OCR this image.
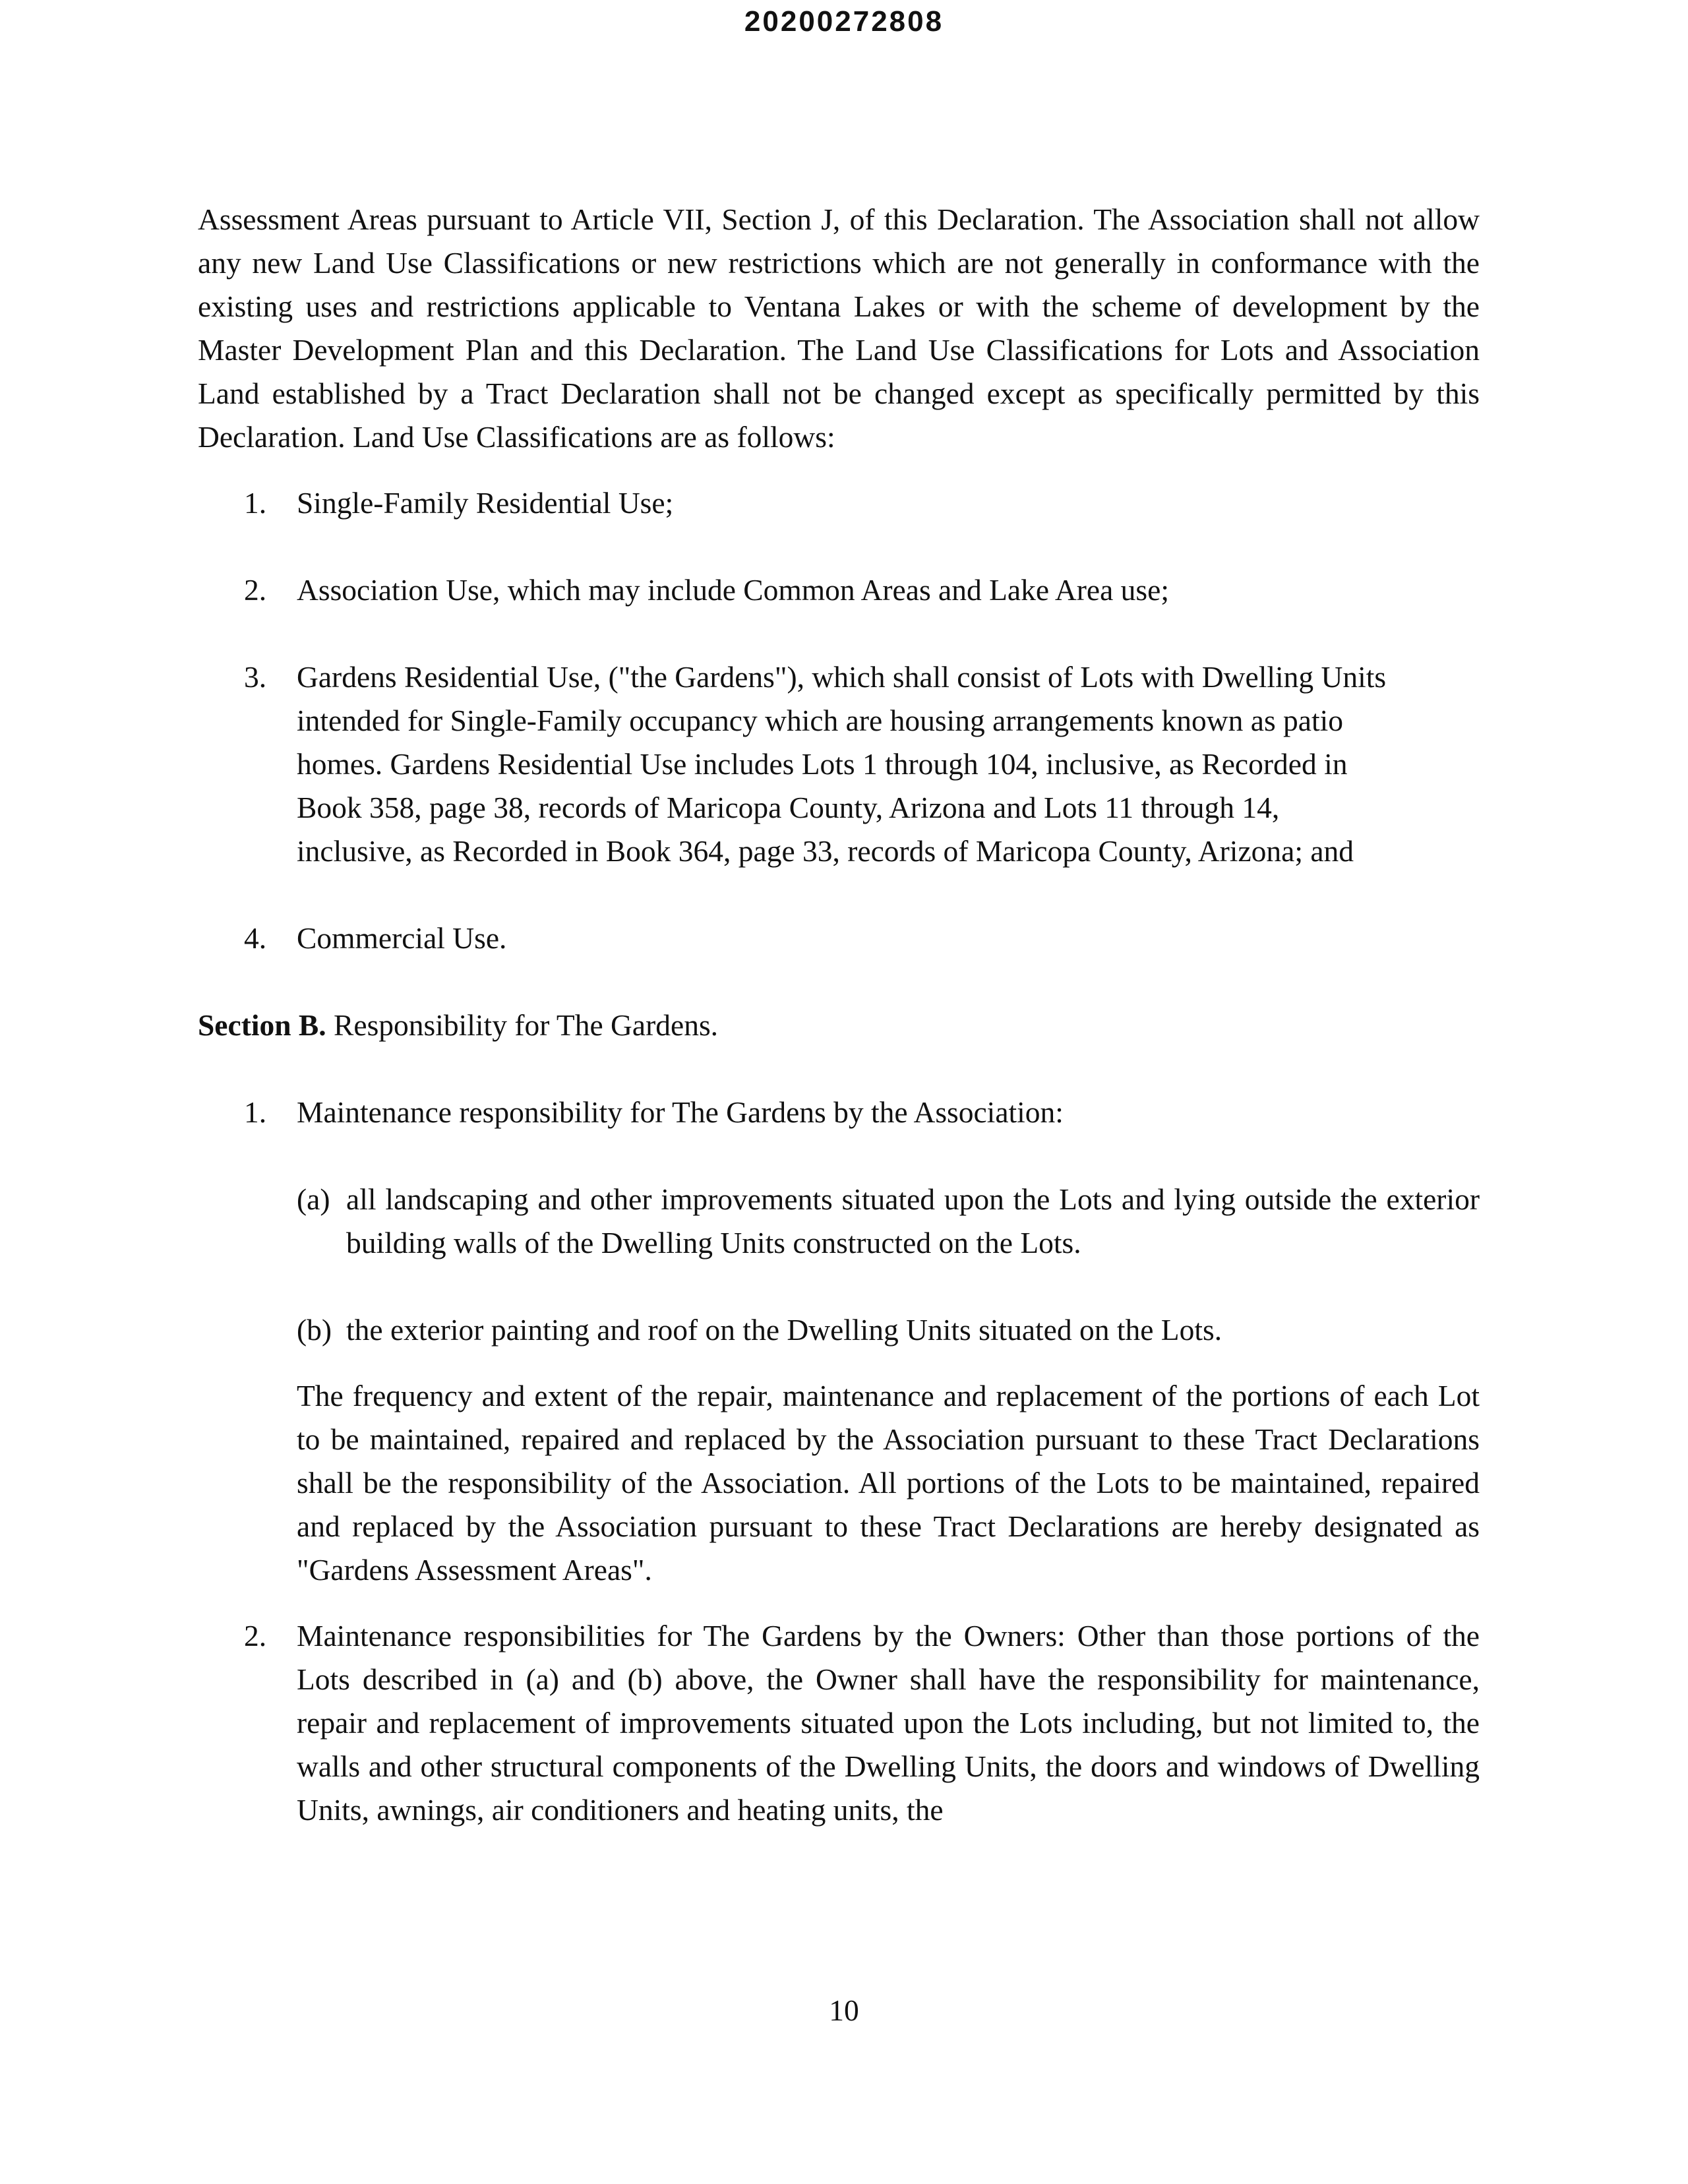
20200272808

Assessment Areas pursuant to Article VII, Section J, of this Declaration. The Association shall not allow any new Land Use Classifications or new restrictions which are not generally in conformance with the existing uses and restrictions applicable to Ventana Lakes or with the scheme of development by the Master Development Plan and this Declaration. The Land Use Classifications for Lots and Association Land established by a Tract Declaration shall not be changed except as specifically permitted by this Declaration. Land Use Classifications are as follows:

1. Single-Family Residential Use;
2. Association Use, which may include Common Areas and Lake Area use;
3. Gardens Residential Use, ("the Gardens"), which shall consist of Lots with Dwelling Units intended for Single-Family occupancy which are housing arrangements known as patio homes. Gardens Residential Use includes Lots 1 through 104, inclusive, as Recorded in Book 358, page 38, records of Maricopa County, Arizona and Lots 11 through 14, inclusive, as Recorded in Book 364, page 33, records of Maricopa County, Arizona; and
4. Commercial Use.
Section B. Responsibility for The Gardens.
1. Maintenance responsibility for The Gardens by the Association:
(a) all landscaping and other improvements situated upon the Lots and lying outside the exterior building walls of the Dwelling Units constructed on the Lots.
(b) the exterior painting and roof on the Dwelling Units situated on the Lots.
The frequency and extent of the repair, maintenance and replacement of the portions of each Lot to be maintained, repaired and replaced by the Association pursuant to these Tract Declarations shall be the responsibility of the Association. All portions of the Lots to be maintained, repaired and replaced by the Association pursuant to these Tract Declarations are hereby designated as "Gardens Assessment Areas".
2. Maintenance responsibilities for The Gardens by the Owners: Other than those portions of the Lots described in (a) and (b) above, the Owner shall have the responsibility for maintenance, repair and replacement of improvements situated upon the Lots including, but not limited to, the walls and other structural components of the Dwelling Units, the doors and windows of Dwelling Units, awnings, air conditioners and heating units, the
10
